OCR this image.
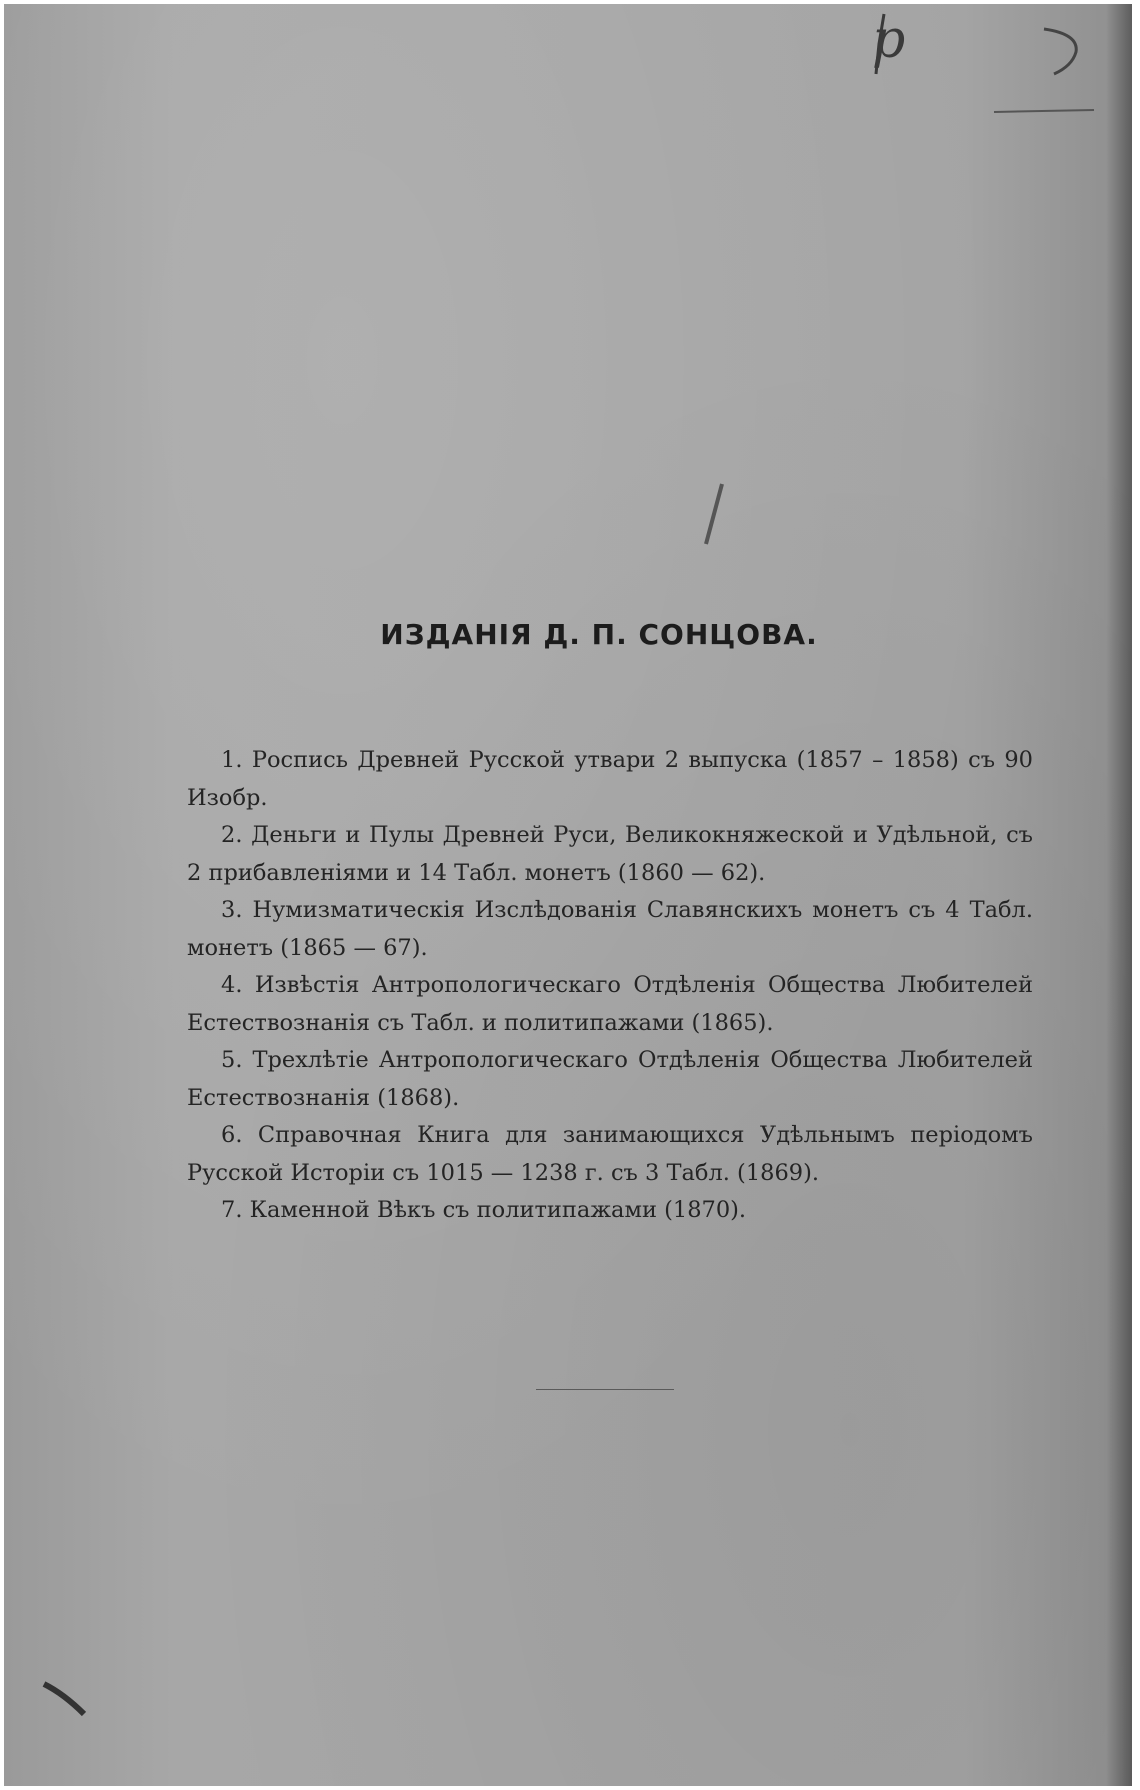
р
ИЗДАНІЯ Д. П. СОНЦОВА.
1. Роспись Древней Русской утвари 2 выпуска (1857 – 1858) съ 90 Изобр.
2. Деньги и Пулы Древней Руси, Великокняжеской и Удѣльной, съ 2 прибавленіями и 14 Табл. монетъ (1860 — 62).
3. Нумизматическія Изслѣдованія Славянскихъ монетъ съ 4 Табл. монетъ (1865 — 67).
4. Извѣстія Антропологическаго Отдѣленія Общества Любителей Естествознанія съ Табл. и политипажами (1865).
5. Трехлѣтіе Антропологическаго Отдѣленія Общества Любителей Естествознанія (1868).
6. Справочная Книга для занимающихся Удѣльнымъ періодомъ Русской Исторіи съ 1015 — 1238 г. съ 3 Табл. (1869).
7. Каменной Вѣкъ съ политипажами (1870).
